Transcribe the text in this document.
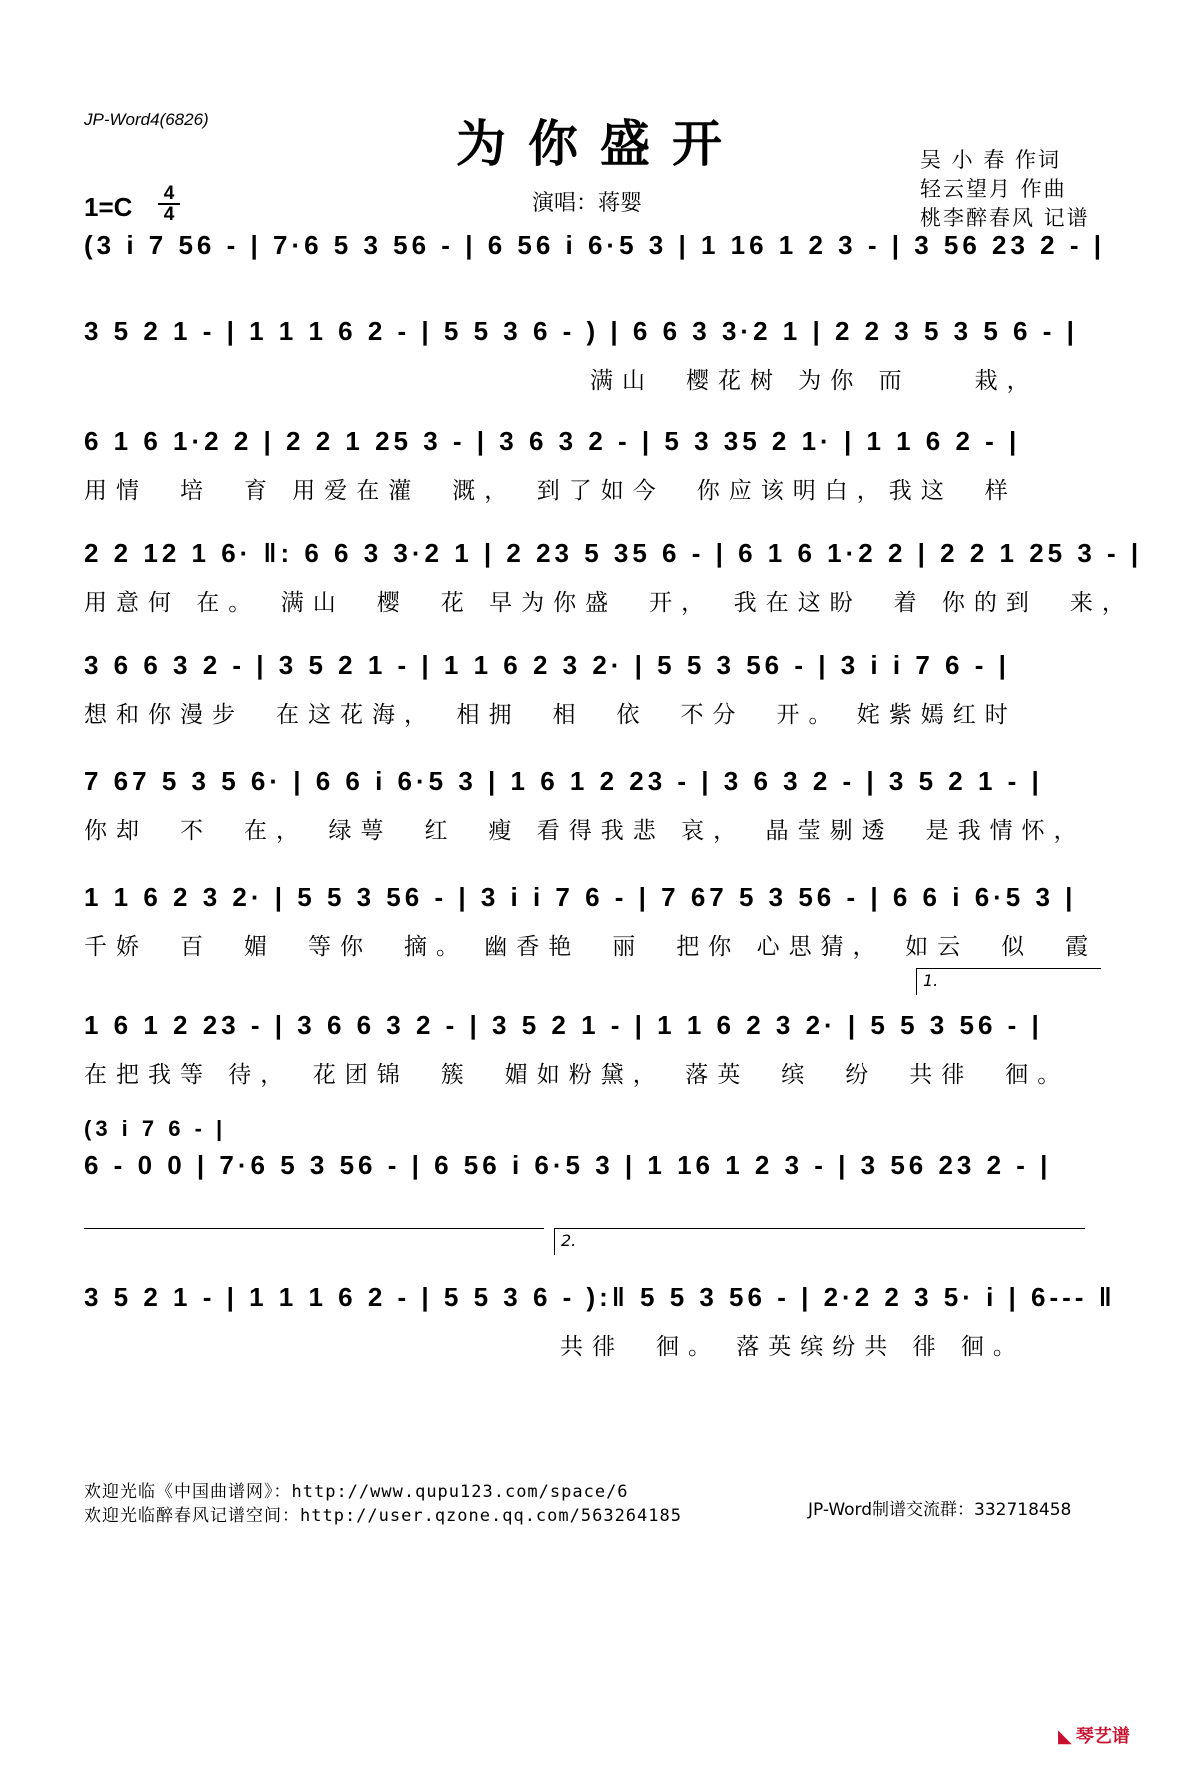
JP-Word4(6826)	为你盛开
1=C	4
4	演唱：蒋婴
吴 小 春 作词
轻云望月 作曲
桃李醉春风 记谱
(3 i 7 56 - | 7·6 5 3 56 - | 6 56 i 6·5 3 | 1 16 1 2 3 - | 3 56 23 2 - |
3 5 2 1 - | 1 1 1 6 2 - | 5 5 3 6 - ) | 6 6 3 3·2 1 | 2 2 3 5 3 5 6 - |
满山　樱花树 为你 而　　栽，
6 1 6 1·2 2 | 2 2 1 25 3 - | 3 6 3 2 - | 5 3 35 2 1· | 1 1 6 2 - |
用情　培　育 用爱在灌　溉，　到了如今　你应该明白，我这　样
2 2 12 1 6· ‖: 6 6 3 3·2 1 | 2 23 5 35 6 - | 6 1 6 1·2 2 | 2 2 1 25 3 - |
用意何 在。　满山　樱　花 早为你盛　开，　我在这盼　着 你的到　来，
3 6 6 3 2 - | 3 5 2 1 - | 1 1 6 2 3 2· | 5 5 3 56 - | 3 i i 7 6 - |
想和你漫步　在这花海，　相拥　相　依　不分　开。 姹紫嫣红时
7 67 5 3 5 6· | 6 6 i 6·5 3 | 1 6 1 2 23 - | 3 6 3 2 - | 3 5 2 1 - |
你却　不　在，　绿萼　红　瘦 看得我悲 哀，　晶莹剔透　是我情怀，
1 1 6 2 3 2· | 5 5 3 56 - | 3 i i 7 6 - | 7 67 5 3 56 - | 6 6 i 6·5 3 |
千娇　百　媚　等你　摘。 幽香艳　丽　把你 心思猜，　如云　似　霞
1.
1 6 1 2 23 - | 3 6 6 3 2 - | 3 5 2 1 - | 1 1 6 2 3 2· | 5 5 3 56 - |
在把我等 待，　花团锦　簇　媚如粉黛，　落英　缤　纷　共徘　徊。
(3 i 7 6 - |
6 - 0 0 | 7·6 5 3 56 - | 6 56 i 6·5 3 | 1 16 1 2 3 - | 3 56 23 2 - |
2.
3 5 2 1 - | 1 1 1 6 2 - | 5 5 3 6 - ):‖ 5 5 3 56 - | 2·2 2 3 5· i | 6--- ‖
共徘　徊。 落英缤纷共 徘 徊。
欢迎光临《中国曲谱网》：http://www.qupu123.com/space/6
欢迎光临醉春风记谱空间：http://user.qzone.qq.com/563264185	JP-Word制谱交流群：332718458
◣ 琴艺谱
